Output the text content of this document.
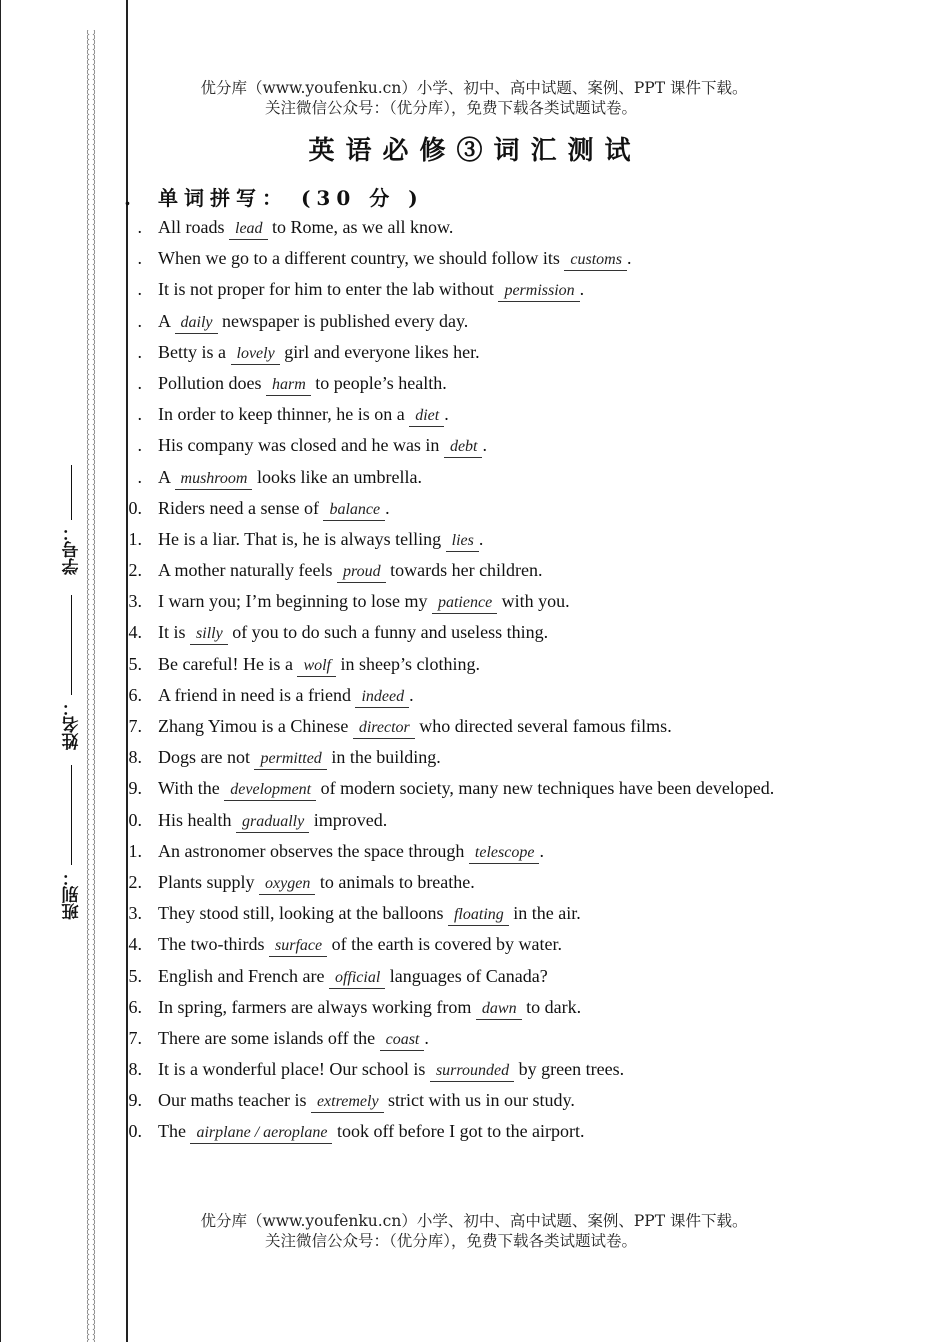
班别：
姓名：
学号：
优分库（www.youfenku.cn）小学、初中、高中试题、案例、PPT 课件下载。
关注微信公众号：（优分库），免费下载各类试题试卷。
英语必修③词汇测试
. 单词拼写： (30 分 )
. All roads lead to Rome, as we all know.
. When we go to a different country, we should follow its customs .
. It is not proper for him to enter the lab without permission .
. A daily newspaper is published every day.
. Betty is a lovely girl and everyone likes her.
. Pollution does harm to people’s health.
. In order to keep thinner, he is on a diet .
. His company was closed and he was in debt .
. A mushroom looks like an umbrella.
0. Riders need a sense of balance .
1. He is a liar. That is, he is always telling lies .
2. A mother naturally feels proud towards her children.
3. I warn you; I’m beginning to lose my patience with you.
4. It is silly of you to do such a funny and useless thing.
5. Be careful! He is a wolf in sheep’s clothing.
6. A friend in need is a friend indeed .
7. Zhang Yimou is a Chinese director who directed several famous films.
8. Dogs are not permitted in the building.
9. With the development of modern society, many new techniques have been developed.
0. His health gradually improved.
1. An astronomer observes the space through telescope .
2. Plants supply oxygen to animals to breathe.
3. They stood still, looking at the balloons floating in the air.
4. The two-thirds surface of the earth is covered by water.
5. English and French are official languages of Canada?
6. In spring, farmers are always working from dawn to dark.
7. There are some islands off the coast .
8. It is a wonderful place! Our school is surrounded by green trees.
9. Our maths teacher is extremely strict with us in our study.
0. The airplane / aeroplane took off before I got to the airport.
优分库（www.youfenku.cn）小学、初中、高中试题、案例、PPT 课件下载。
关注微信公众号：（优分库），免费下载各类试题试卷。
